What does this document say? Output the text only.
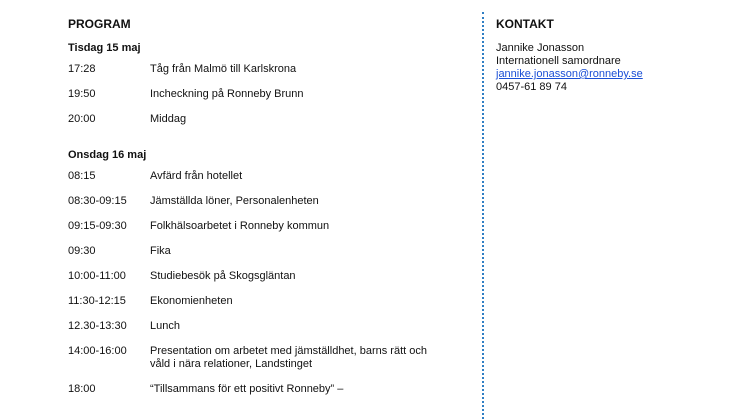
PROGRAM
Tisdag 15 maj
17:28	Tåg från Malmö till Karlskrona
19:50	Incheckning på Ronneby Brunn
20:00	Middag
Onsdag 16 maj
08:15	Avfärd från hotellet
08:30-09:15	Jämställda löner, Personalenheten
09:15-09:30	Folkhälsoarbetet i Ronneby kommun
09:30	Fika
10:00-11:00	Studiebesök på Skogsgläntan
11:30-12:15	Ekonomienheten
12.30-13:30	Lunch
14:00-16:00	Presentation om arbetet med jämställdhet, barns rätt och våld i nära relationer, Landstinget
18:00	“Tillsammans för ett positivt Ronneby” –
KONTAKT

Jannike Jonasson

Internationell samordnare

jannike.jonasson@ronneby.se

0457-61 89 74
